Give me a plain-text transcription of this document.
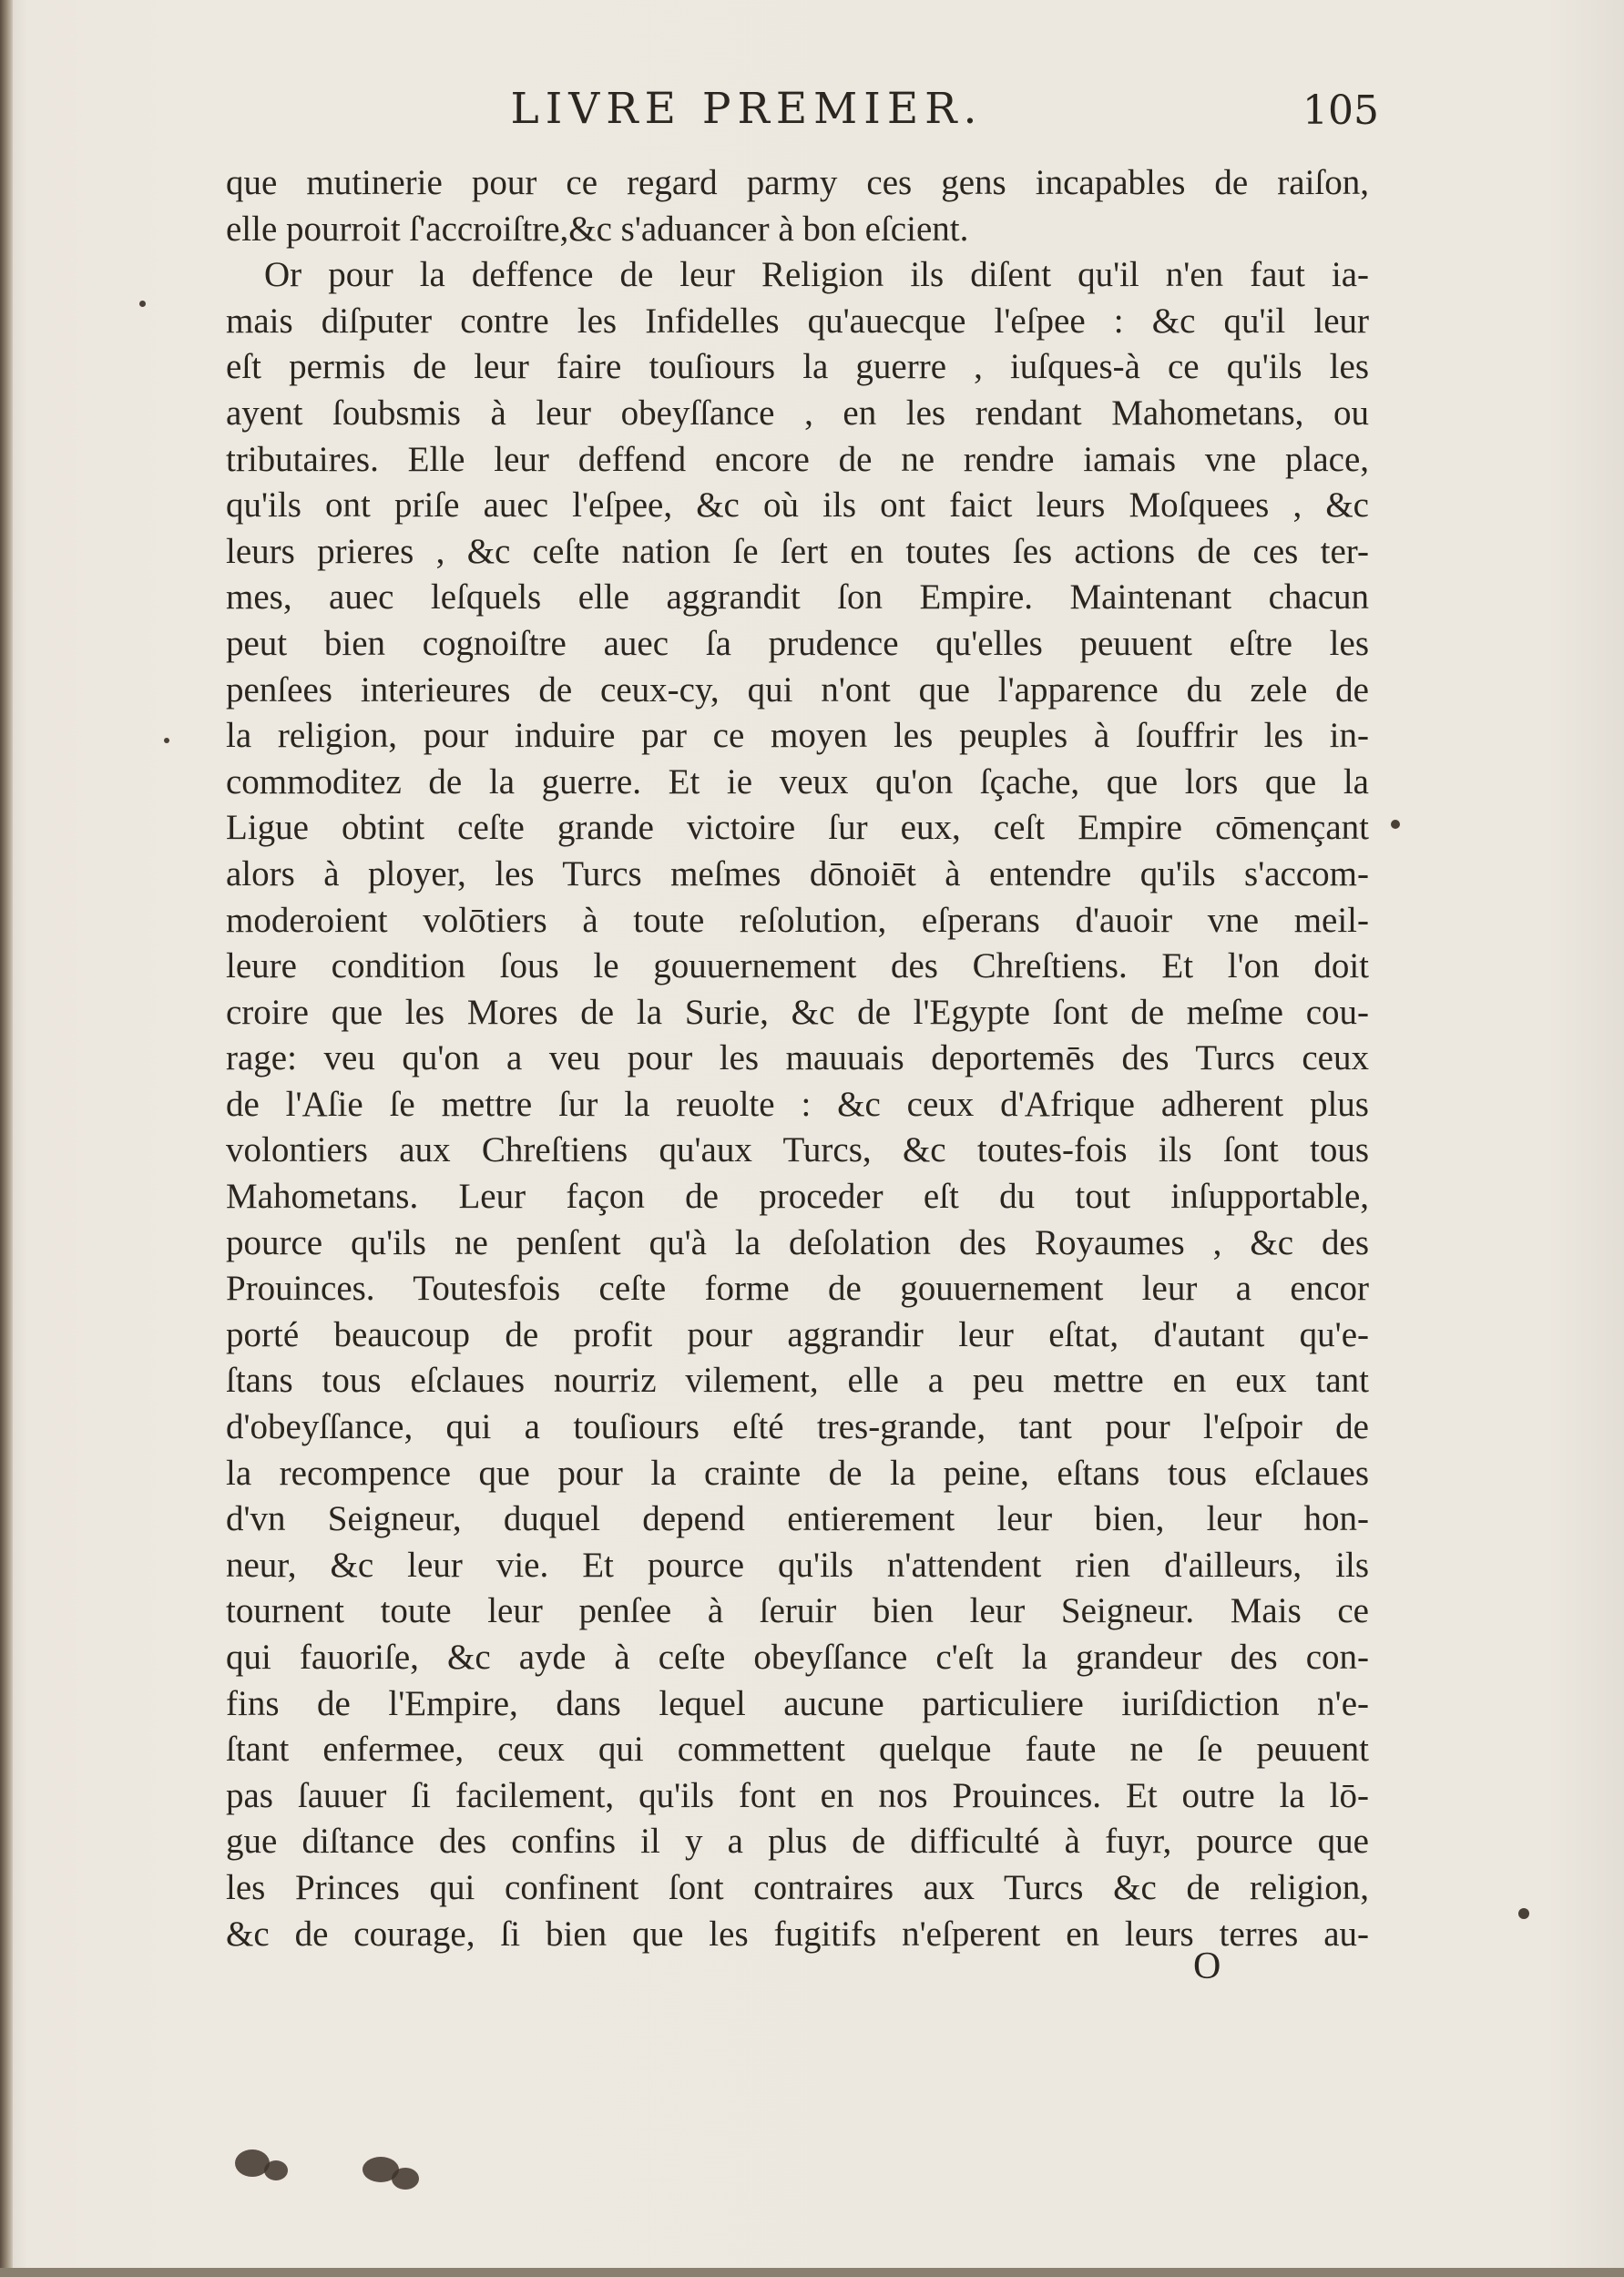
LIVRE PREMIER.	105
que mutinerie pour ce regard parmy ces gens incapables de raiſon,
elle pourroit ſ'accroiſtre,&c s'aduancer à bon eſcient.
Or pour la deffence de leur Religion ils diſent qu'il n'en faut ia-
mais diſputer contre les Infidelles qu'auecque l'eſpee : &c qu'il leur
eſt permis de leur faire touſiours la guerre , iuſques-à ce qu'ils les
ayent ſoubsmis à leur obeyſſance , en les rendant Mahometans, ou
tributaires. Elle leur deffend encore de ne rendre iamais vne place,
qu'ils ont priſe auec l'eſpee, &c où ils ont faict leurs Moſquees , &c
leurs prieres , &c ceſte nation ſe ſert en toutes ſes actions de ces ter-
mes, auec leſquels elle aggrandit ſon Empire. Maintenant chacun
peut bien cognoiſtre auec ſa prudence qu'elles peuuent eſtre les
penſees interieures de ceux-cy, qui n'ont que l'apparence du zele de
la religion, pour induire par ce moyen les peuples à ſouffrir les in-
commoditez de la guerre. Et ie veux qu'on ſçache, que lors que la
Ligue obtint ceſte grande victoire ſur eux, ceſt Empire cōmençant
alors à ployer, les Turcs meſmes dōnoiēt à entendre qu'ils s'accom-
moderoient volōtiers à toute reſolution, eſperans d'auoir vne meil-
leure condition ſous le gouuernement des Chreſtiens. Et l'on doit
croire que les Mores de la Surie, &c de l'Egypte ſont de meſme cou-
rage: veu qu'on a veu pour les mauuais deportemēs des Turcs ceux
de l'Aſie ſe mettre ſur la reuolte : &c ceux d'Afrique adherent plus
volontiers aux Chreſtiens qu'aux Turcs, &c toutes-fois ils ſont tous
Mahometans. Leur façon de proceder eſt du tout inſupportable,
pource qu'ils ne penſent qu'à la deſolation des Royaumes , &c des
Prouinces. Toutesfois ceſte forme de gouuernement leur a encor
porté beaucoup de profit pour aggrandir leur eſtat, d'autant qu'e-
ſtans tous eſclaues nourriz vilement, elle a peu mettre en eux tant
d'obeyſſance, qui a touſiours eſté tres-grande, tant pour l'eſpoir de
la recompence que pour la crainte de la peine, eſtans tous eſclaues
d'vn Seigneur, duquel depend entierement leur bien, leur hon-
neur, &c leur vie. Et pource qu'ils n'attendent rien d'ailleurs, ils
tournent toute leur penſee à ſeruir bien leur Seigneur. Mais ce
qui fauoriſe, &c ayde à ceſte obeyſſance c'eſt la grandeur des con-
fins de l'Empire, dans lequel aucune particuliere iuriſdiction n'e-
ſtant enfermee, ceux qui commettent quelque faute ne ſe peuuent
pas ſauuer ſi facilement, qu'ils font en nos Prouinces. Et outre la lō-
gue diſtance des confins il y a plus de difficulté à fuyr, pource que
les Princes qui confinent ſont contraires aux Turcs &c de religion,
&c de courage, ſi bien que les fugitifs n'eſperent en leurs terres au-
O
